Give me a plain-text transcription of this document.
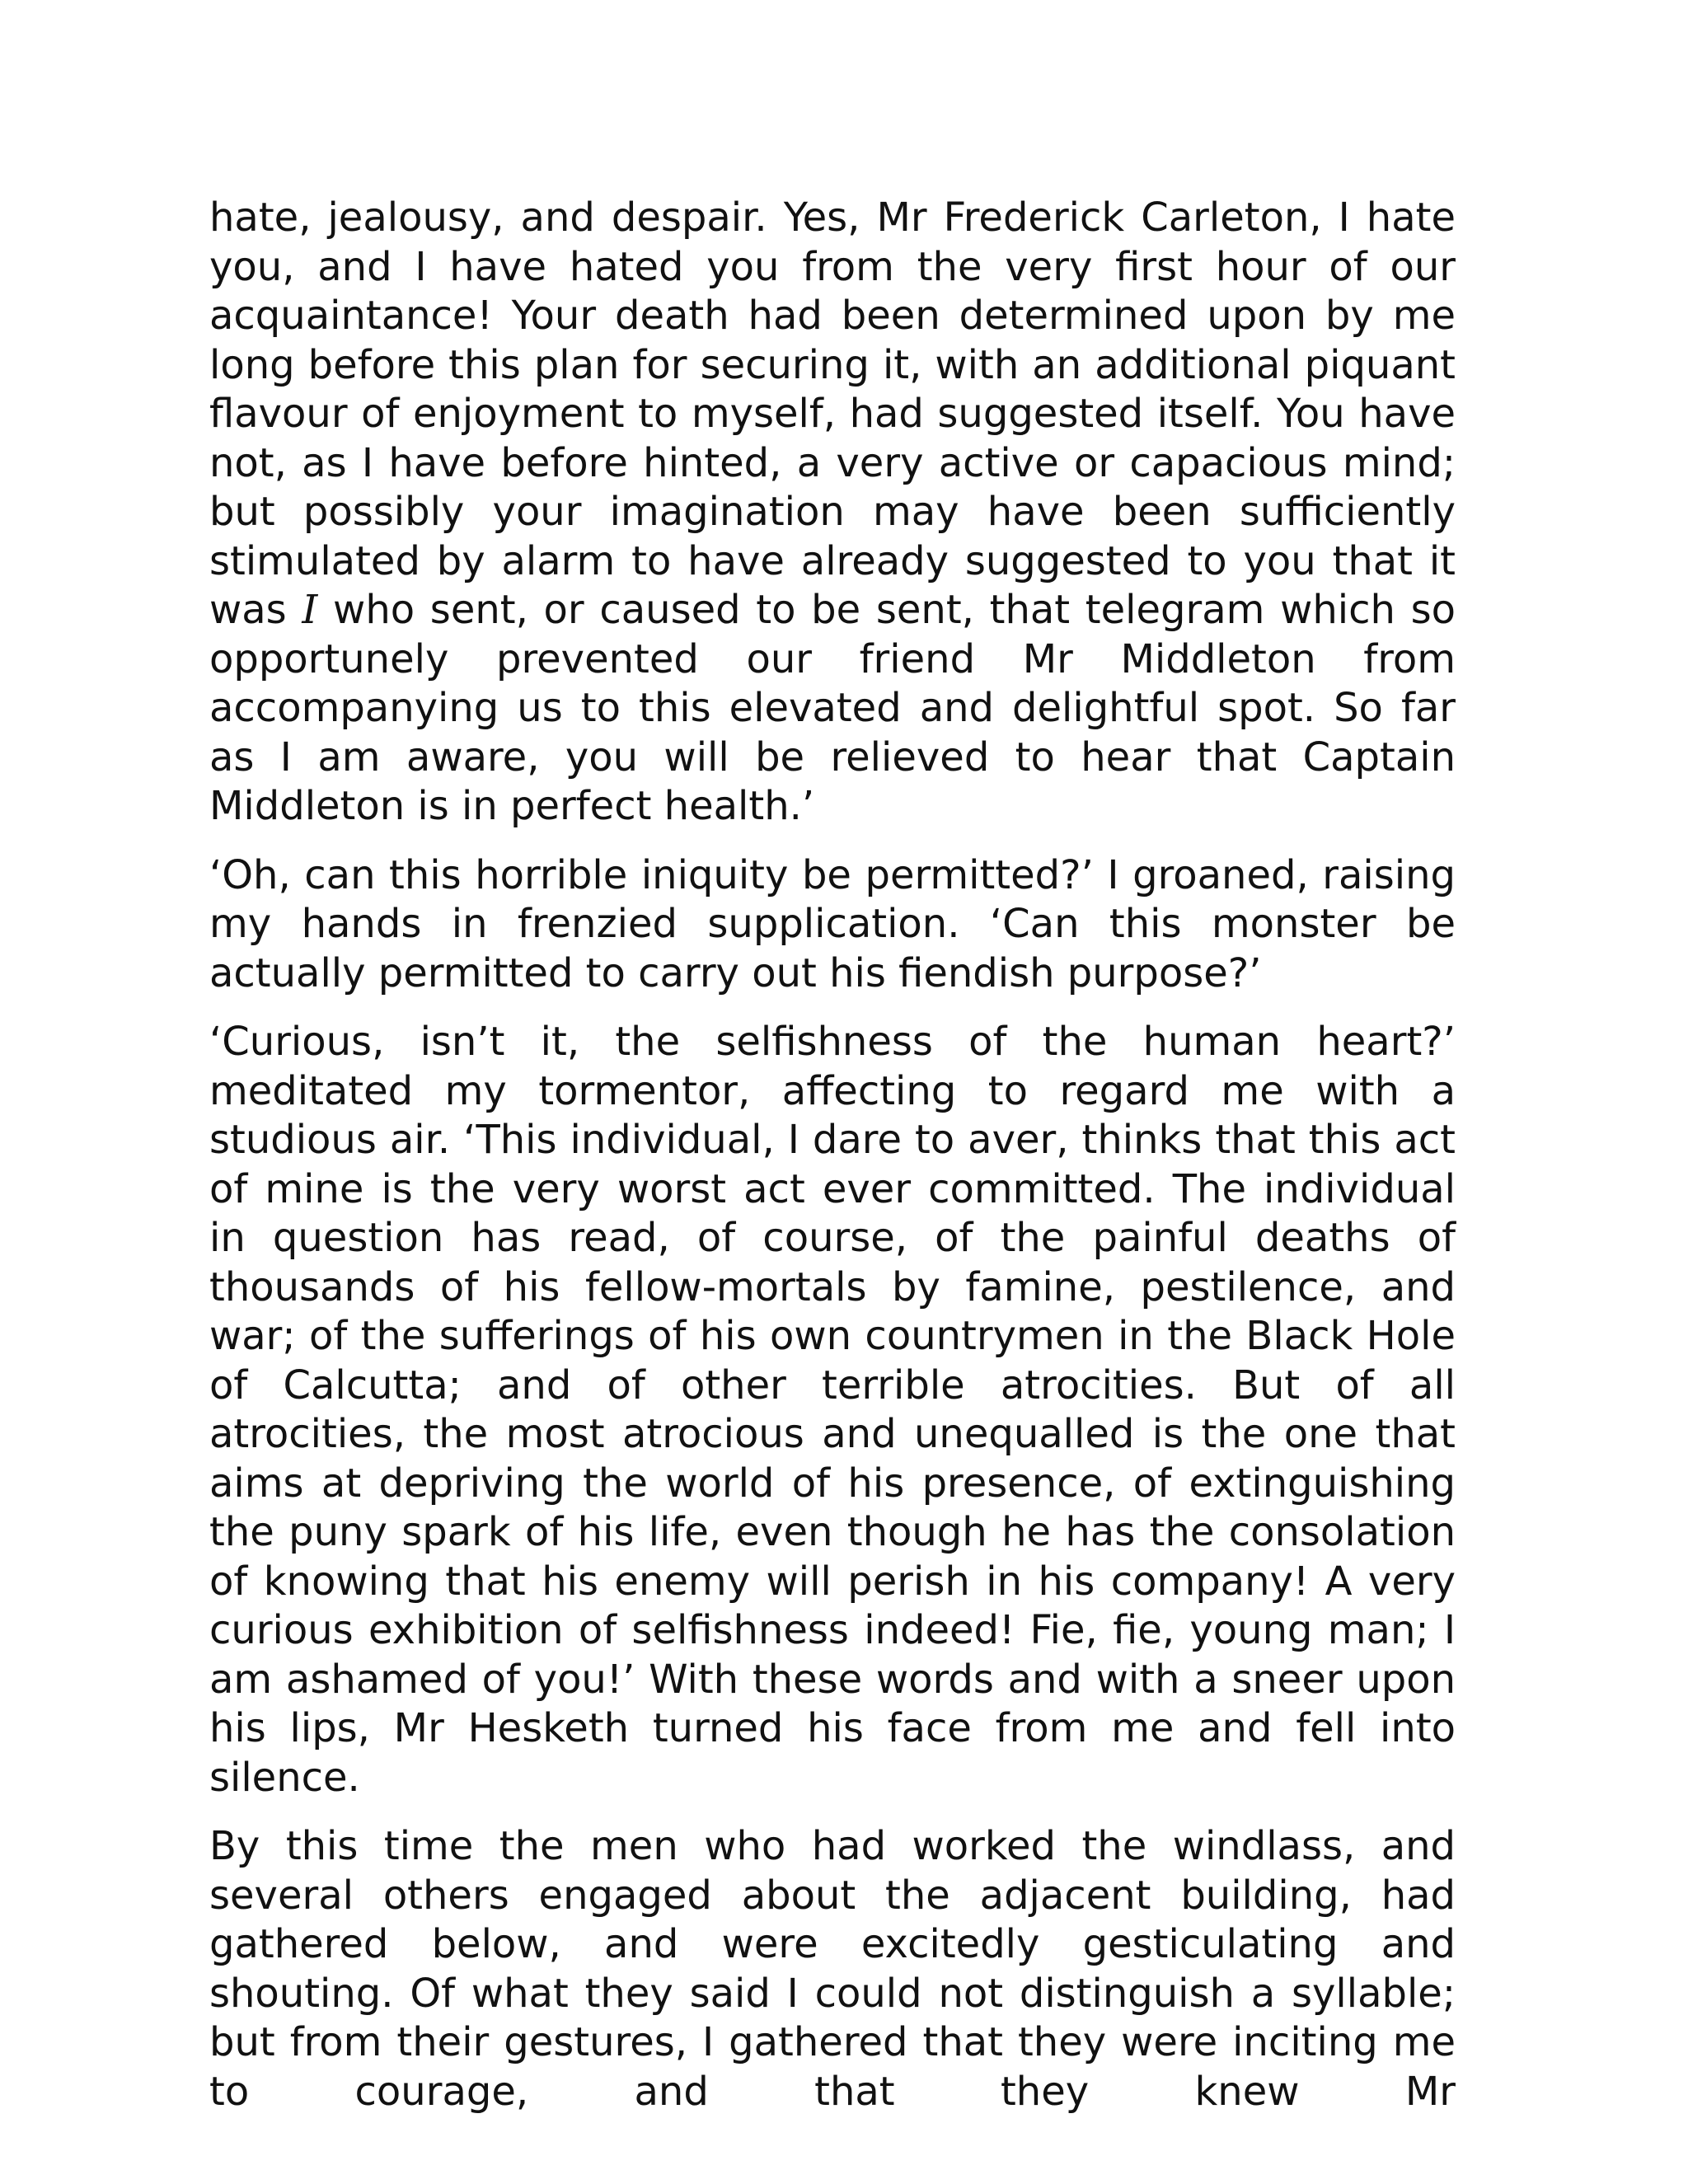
hate, jealousy, and despair. Yes, Mr Frederick Carleton, I hate you, and I have hated you from the very first hour of our acquaintance! Your death had been determined upon by me long before this plan for securing it, with an additional piquant flavour of enjoyment to myself, had suggested itself. You have not, as I have before hinted, a very active or capacious mind; but possibly your imagination may have been sufficiently stimulated by alarm to have already suggested to you that it was I who sent, or caused to be sent, that telegram which so opportunely prevented our friend Mr Middleton from accompanying us to this elevated and delightful spot. So far as I am aware, you will be relieved to hear that Captain Middleton is in perfect health.’

‘Oh, can this horrible iniquity be permitted?’ I groaned, raising my hands in frenzied supplication. ‘Can this monster be actually permitted to carry out his fiendish purpose?’

‘Curious, isn’t it, the selfishness of the human heart?’ meditated my tormentor, affecting to regard me with a studious air. ‘This individual, I dare to aver, thinks that this act of mine is the very worst act ever committed. The individual in question has read, of course, of the painful deaths of thousands of his fellow-mortals by famine, pestilence, and war; of the sufferings of his own countrymen in the Black Hole of Calcutta; and of other terrible atrocities. But of all atrocities, the most atrocious and unequalled is the one that aims at depriving the world of his presence, of extinguishing the puny spark of his life, even though he has the consolation of knowing that his enemy will perish in his company! A very curious exhibition of selfishness indeed! Fie, fie, young man; I am ashamed of you!’ With these words and with a sneer upon his lips, Mr Hesketh turned his face from me and fell into silence.

By this time the men who had worked the windlass, and several others engaged about the adjacent building, had gathered below, and were excitedly gesticulating and shouting. Of what they said I could not distinguish a syllable; but from their gestures, I gathered that they were inciting me to courage, and that they knew Mr
